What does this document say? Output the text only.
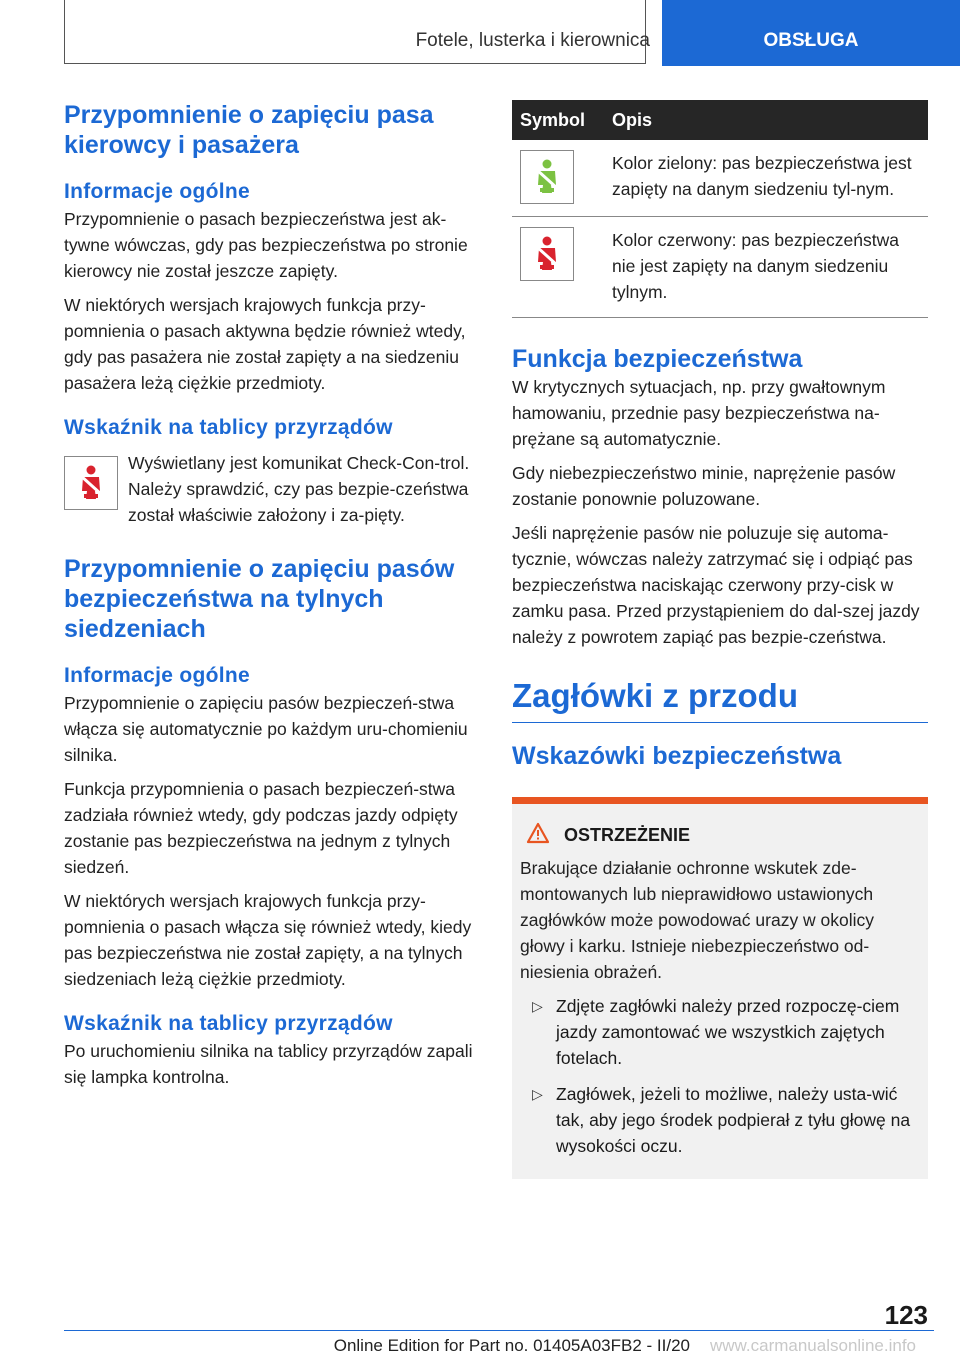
Fotele, lusterka i kierownica	OBSŁUGA
Przypomnienie o zapięciu pasa kierowcy i pasażera
Informacje ogólne

Przypomnienie o pasach bezpieczeństwa jest ak-tywne wówczas, gdy pas bezpieczeństwa po stronie kierowcy nie został jeszcze zapięty.

W niektórych wersjach krajowych funkcja przy-pomnienia o pasach aktywna będzie również wtedy, gdy pas pasażera nie został zapięty a na siedzeniu pasażera leżą ciężkie przedmioty.

Wskaźnik na tablicy przyrządów

Wyświetlany jest komunikat Check-Con-trol. Należy sprawdzić, czy pas bezpie-czeństwa został właściwie założony i za-pięty.

Przypomnienie o zapięciu pasów bezpieczeństwa na tylnych siedzeniach
Informacje ogólne

Przypomnienie o zapięciu pasów bezpieczeń-stwa włącza się automatycznie po każdym uru-chomieniu silnika.

Funkcja przypomnienia o pasach bezpieczeń-stwa zadziała również wtedy, gdy podczas jazdy odpięty zostanie pas bezpieczeństwa na jednym z tylnych siedzeń.

W niektórych wersjach krajowych funkcja przy-pomnienia o pasach włącza się również wtedy, kiedy pas bezpieczeństwa nie został zapięty, a na tylnych siedzeniach leżą ciężkie przedmioty.

Wskaźnik na tablicy przyrządów

Po uruchomieniu silnika na tablicy przyrządów zapali się lampka kontrolna.

Symbol	Opis

	Kolor zielony: pas bezpieczeństwa jest zapięty na danym siedzeniu tyl-nym.

	Kolor czerwony: pas bezpieczeństwa nie jest zapięty na danym siedzeniu tylnym.
Funkcja bezpieczeństwa

W krytycznych sytuacjach, np. przy gwałtownym hamowaniu, przednie pasy bezpieczeństwa na-prężane są automatycznie.

Gdy niebezpieczeństwo minie, naprężenie pasów zostanie ponownie poluzowane.

Jeśli naprężenie pasów nie poluzuje się automa-tycznie, wówczas należy zatrzymać się i odpiąć pas bezpieczeństwa naciskając czerwony przy-cisk w zamku pasa. Przed przystąpieniem do dal-szej jazdy należy z powrotem zapiąć pas bezpie-czeństwa.

Zagłówki z przodu
Wskazówki bezpieczeństwa
OSTRZEŻENIE

Brakujące działanie ochronne wskutek zde-montowanych lub nieprawidłowo ustawionych zagłówków może powodować urazy w okolicy głowy i karku. Istnieje niebezpieczeństwo od-niesienia obrażeń.

▷ Zdjęte zagłówki należy przed rozpoczę-ciem jazdy zamontować we wszystkich zajętych fotelach.
▷ Zagłówek, jeżeli to możliwe, należy usta-wić tak, aby jego środek podpierał z tyłu głowę na wysokości oczu.
123
Online Edition for Part no. 01405A03FB2 - II/20 www.carmanualsonline.info
